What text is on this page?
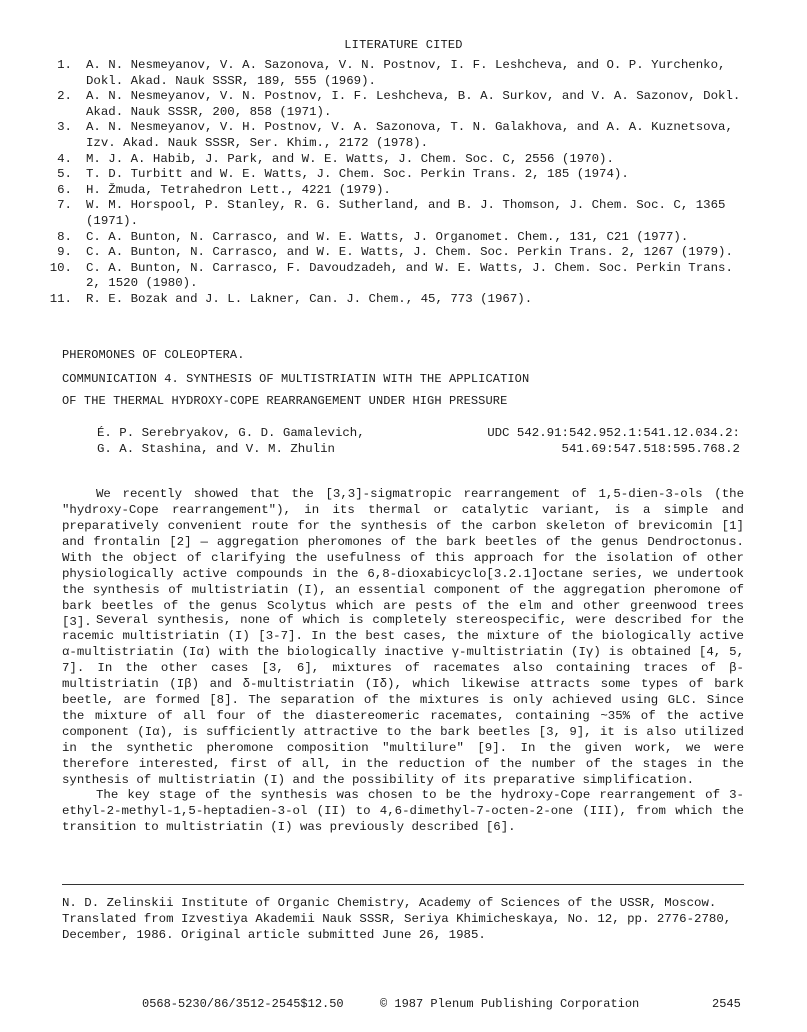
LITERATURE CITED
1.	A. N. Nesmeyanov, V. A. Sazonova, V. N. Postnov, I. F. Leshcheva, and O. P. Yurchenko,
Dokl. Akad. Nauk SSSR, 189, 555 (1969).
2.	A. N. Nesmeyanov, V. N. Postnov, I. F. Leshcheva, B. A. Surkov, and V. A. Sazonov, Dokl.
Akad. Nauk SSSR, 200, 858 (1971).
3.	A. N. Nesmeyanov, V. H. Postnov, V. A. Sazonova, T. N. Galakhova, and A. A. Kuznetsova,
Izv. Akad. Nauk SSSR, Ser. Khim., 2172 (1978).
4.	M. J. A. Habib, J. Park, and W. E. Watts, J. Chem. Soc. C, 2556 (1970).
5.	T. D. Turbitt and W. E. Watts, J. Chem. Soc. Perkin Trans. 2, 185 (1974).
6.	H. Žmuda, Tetrahedron Lett., 4221 (1979).
7.	W. M. Horspool, P. Stanley, R. G. Sutherland, and B. J. Thomson, J. Chem. Soc. C, 1365
(1971).
8.	C. A. Bunton, N. Carrasco, and W. E. Watts, J. Organomet. Chem., 131, C21 (1977).
9.	C. A. Bunton, N. Carrasco, and W. E. Watts, J. Chem. Soc. Perkin Trans. 2, 1267 (1979).
10.	C. A. Bunton, N. Carrasco, F. Davoudzadeh, and W. E. Watts, J. Chem. Soc. Perkin Trans.
2, 1520 (1980).
11.	R. E. Bozak and J. L. Lakner, Can. J. Chem., 45, 773 (1967).
PHEROMONES OF COLEOPTERA.
COMMUNICATION 4. SYNTHESIS OF MULTISTRIATIN WITH THE APPLICATION
OF THE THERMAL HYDROXY-COPE REARRANGEMENT UNDER HIGH PRESSURE
É. P. Serebryakov, G. D. Gamalevich,
G. A. Stashina, and V. M. Zhulin
UDC 542.91:542.952.1:541.12.034.2:
541.69:547.518:595.768.2

We recently showed that the [3,3]-sigmatropic rearrangement of 1,5-dien-3-ols (the "hydroxy-Cope rearrangement"), in its thermal or catalytic variant, is a simple and preparatively convenient route for the synthesis of the carbon skeleton of brevicomin [1] and frontalin [2] — aggregation pheromones of the bark beetles of the genus Dendroctonus. With the object of clarifying the usefulness of this approach for the isolation of other physiologically active compounds in the 6,8-dioxabicyclo[3.2.1]octane series, we undertook the synthesis of multistriatin (I), an essential component of the aggregation pheromone of bark beetles of the genus Scolytus which are pests of the elm and other greenwood trees [3]. Several synthesis, none of which is completely stereospecific, were described for the racemic multistriatin (I) [3-7]. In the best cases, the mixture of the biologically active α-multistriatin (Iα) with the biologically inactive γ-multistriatin (Iγ) is obtained [4, 5, 7]. In the other cases [3, 6], mixtures of racemates also containing traces of β-multistriatin (Iβ) and δ-multistriatin (Iδ), which likewise attracts some types of bark beetle, are formed [8]. The separation of the mixtures is only achieved using GLC. Since the mixture of all four of the diastereomeric racemates, containing ~35% of the active component (Iα), is sufficiently attractive to the bark beetles [3, 9], it is also utilized in the synthetic pheromone composition "multilure" [9]. In the given work, we were therefore interested, first of all, in the reduction of the number of the stages in the synthesis of multistriatin (I) and the possibility of its preparative simplification.

The key stage of the synthesis was chosen to be the hydroxy-Cope rearrangement of 3-ethyl-2-methyl-1,5-heptadien-3-ol (II) to 4,6-dimethyl-7-octen-2-one (III), from which the transition to multistriatin (I) was previously described [6].

N. D. Zelinskii Institute of Organic Chemistry, Academy of Sciences of the USSR, Moscow. Translated from Izvestiya Akademii Nauk SSSR, Seriya Khimicheskaya, No. 12, pp. 2776-2780, December, 1986. Original article submitted June 26, 1985.
0568-5230/86/3512-2545$12.50	© 1987 Plenum Publishing Corporation	2545
